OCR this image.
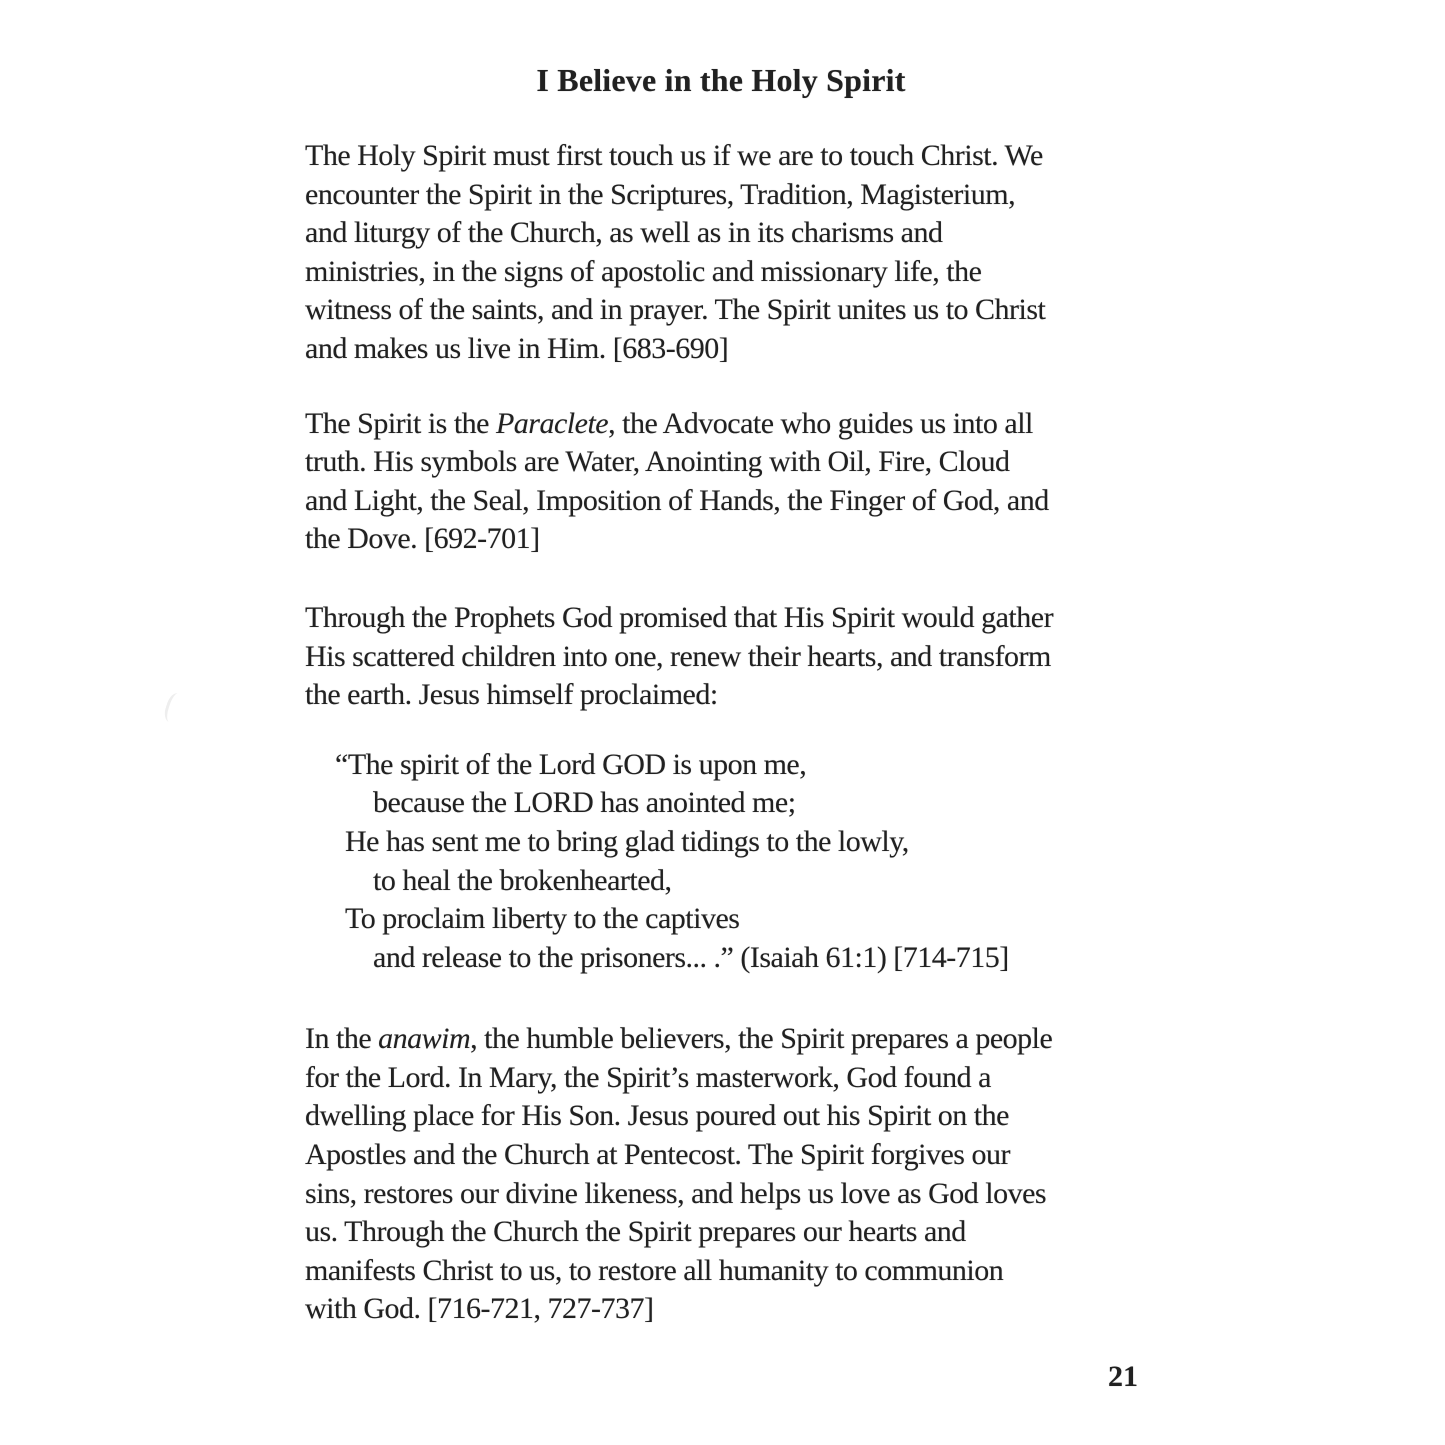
I Believe in the Holy Spirit
The Holy Spirit must first touch us if we are to touch Christ. We
encounter the Spirit in the Scriptures, Tradition, Magisterium,
and liturgy of the Church, as well as in its charisms and
ministries, in the signs of apostolic and missionary life, the
witness of the saints, and in prayer. The Spirit unites us to Christ
and makes us live in Him. [683-690]
The Spirit is the Paraclete, the Advocate who guides us into all
truth. His symbols are Water, Anointing with Oil, Fire, Cloud
and Light, the Seal, Imposition of Hands, the Finger of God, and
the Dove. [692-701]
Through the Prophets God promised that His Spirit would gather
His scattered children into one, renew their hearts, and transform
the earth. Jesus himself proclaimed:
“The spirit of the Lord GOD is upon me,
because the LORD has anointed me;
He has sent me to bring glad tidings to the lowly,
to heal the brokenhearted,
To proclaim liberty to the captives
and release to the prisoners... .” (Isaiah 61:1) [714-715]
In the anawim, the humble believers, the Spirit prepares a people
for the Lord. In Mary, the Spirit’s masterwork, God found a
dwelling place for His Son. Jesus poured out his Spirit on the
Apostles and the Church at Pentecost. The Spirit forgives our
sins, restores our divine likeness, and helps us love as God loves
us. Through the Church the Spirit prepares our hearts and
manifests Christ to us, to restore all humanity to communion
with God. [716-721, 727-737]
21
